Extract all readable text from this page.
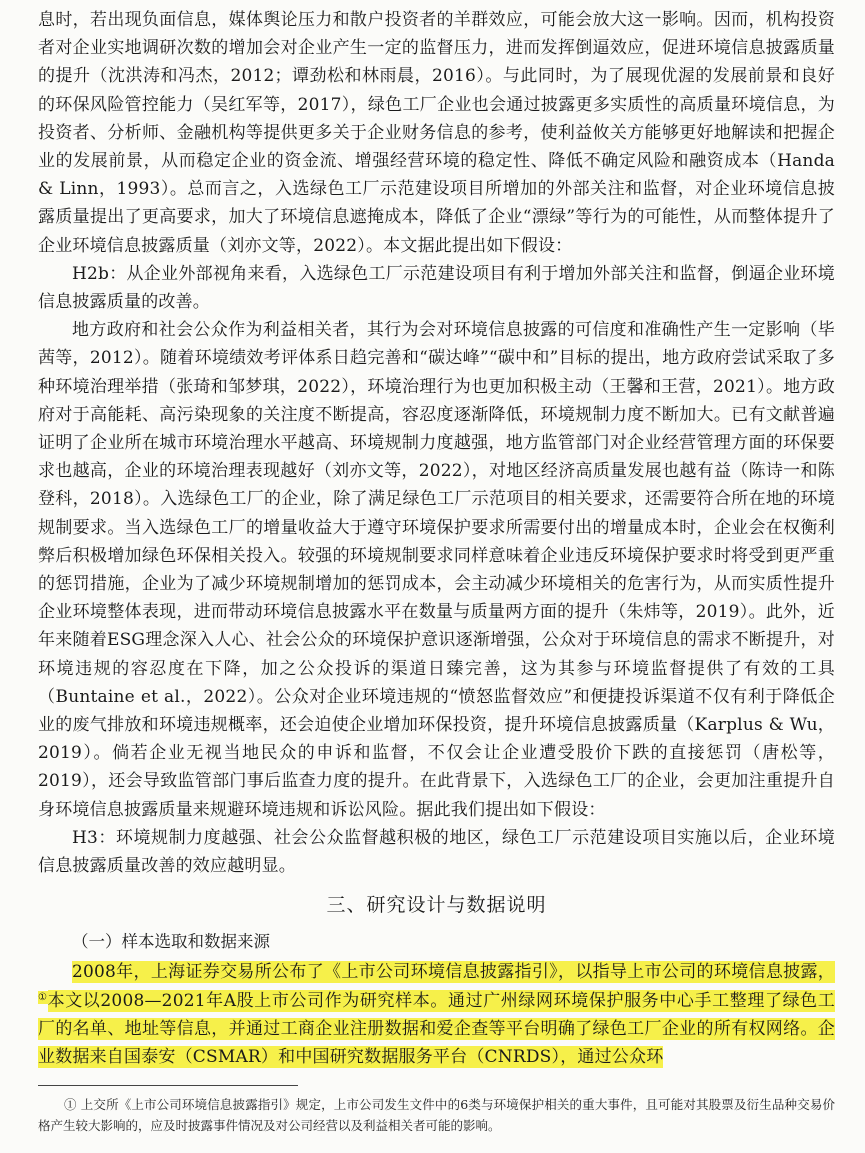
息时，若出现负面信息，媒体舆论压力和散户投资者的羊群效应，可能会放大这一影响。因而，机构投资者对企业实地调研次数的增加会对企业产生一定的监督压力，进而发挥倒逼效应，促进环境信息披露质量的提升（沈洪涛和冯杰，2012；谭劲松和林雨晨，2016）。与此同时，为了展现优渥的发展前景和良好的环保风险管控能力（吴红军等，2017），绿色工厂企业也会通过披露更多实质性的高质量环境信息，为投资者、分析师、金融机构等提供更多关于企业财务信息的参考，使利益攸关方能够更好地解读和把握企业的发展前景，从而稳定企业的资金流、增强经营环境的稳定性、降低不确定风险和融资成本（Handa & Linn，1993）。总而言之，入选绿色工厂示范建设项目所增加的外部关注和监督，对企业环境信息披露质量提出了更高要求，加大了环境信息遮掩成本，降低了企业“漂绿”等行为的可能性，从而整体提升了企业环境信息披露质量（刘亦文等，2022）。本文据此提出如下假设：

H2b：从企业外部视角来看，入选绿色工厂示范建设项目有利于增加外部关注和监督，倒逼企业环境信息披露质量的改善。

地方政府和社会公众作为利益相关者，其行为会对环境信息披露的可信度和准确性产生一定影响（毕茜等，2012）。随着环境绩效考评体系日趋完善和“碳达峰”“碳中和”目标的提出，地方政府尝试采取了多种环境治理举措（张琦和邹梦琪，2022），环境治理行为也更加积极主动（王馨和王营，2021）。地方政府对于高能耗、高污染现象的关注度不断提高，容忍度逐渐降低，环境规制力度不断加大。已有文献普遍证明了企业所在城市环境治理水平越高、环境规制力度越强，地方监管部门对企业经营管理方面的环保要求也越高，企业的环境治理表现越好（刘亦文等，2022），对地区经济高质量发展也越有益（陈诗一和陈登科，2018）。入选绿色工厂的企业，除了满足绿色工厂示范项目的相关要求，还需要符合所在地的环境规制要求。当入选绿色工厂的增量收益大于遵守环境保护要求所需要付出的增量成本时，企业会在权衡利弊后积极增加绿色环保相关投入。较强的环境规制要求同样意味着企业违反环境保护要求时将受到更严重的惩罚措施，企业为了减少环境规制增加的惩罚成本，会主动减少环境相关的危害行为，从而实质性提升企业环境整体表现，进而带动环境信息披露水平在数量与质量两方面的提升（朱炜等，2019）。此外，近年来随着ESG理念深入人心、社会公众的环境保护意识逐渐增强，公众对于环境信息的需求不断提升，对环境违规的容忍度在下降，加之公众投诉的渠道日臻完善，这为其参与环境监督提供了有效的工具（Buntaine et al.，2022）。公众对企业环境违规的“愤怒监督效应”和便捷投诉渠道不仅有利于降低企业的废气排放和环境违规概率，还会迫使企业增加环保投资，提升环境信息披露质量（Karplus & Wu，2019）。倘若企业无视当地民众的申诉和监督，不仅会让企业遭受股价下跌的直接惩罚（唐松等，2019），还会导致监管部门事后监查力度的提升。在此背景下，入选绿色工厂的企业，会更加注重提升自身环境信息披露质量来规避环境违规和诉讼风险。据此我们提出如下假设：

H3：环境规制力度越强、社会公众监督越积极的地区，绿色工厂示范建设项目实施以后，企业环境信息披露质量改善的效应越明显。

三、研究设计与数据说明
（一）样本选取和数据来源

2008年，上海证券交易所公布了《上市公司环境信息披露指引》，以指导上市公司的环境信息披露，①本文以2008—2021年A股上市公司作为研究样本。通过广州绿网环境保护服务中心手工整理了绿色工厂的名单、地址等信息，并通过工商企业注册数据和爱企查等平台明确了绿色工厂企业的所有权网络。企业数据来自国泰安（CSMAR）和中国研究数据服务平台（CNRDS），通过公众环

① 上交所《上市公司环境信息披露指引》规定，上市公司发生文件中的6类与环境保护相关的重大事件，且可能对其股票及衍生品种交易价格产生较大影响的，应及时披露事件情况及对公司经营以及利益相关者可能的影响。
